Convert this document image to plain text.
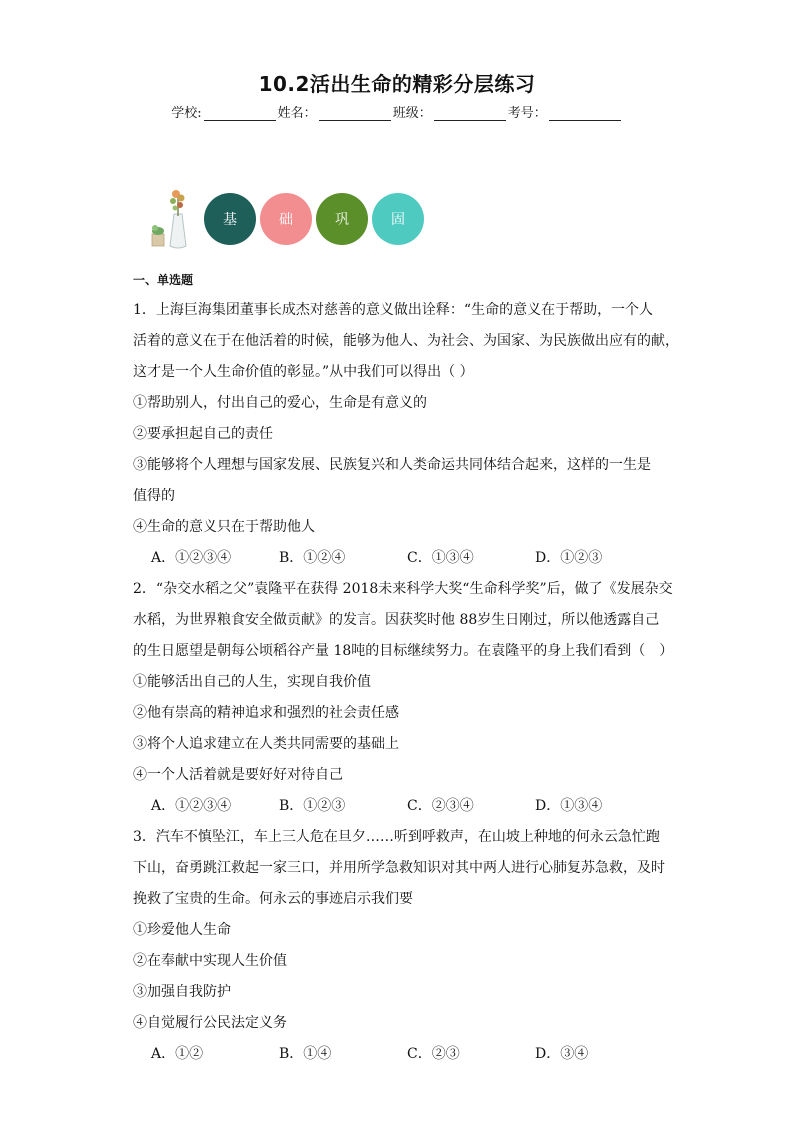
10.2活出生命的精彩分层练习
学校:	姓名：	班级：	考号：
基	础	巩	固
一、单选题
1．上海巨海集团董事长成杰对慈善的意义做出诠释：“生命的意义在于帮助，一个人
活着的意义在于在他活着的时候，能够为他人、为社会、为国家、为民族做出应有的献，
这才是一个人生命价值的彰显。”从中我们可以得出（ ）
①帮助别人，付出自己的爱心，生命是有意义的
②要承担起自己的责任
③能够将个人理想与国家发展、民族复兴和人类命运共同体结合起来，这样的一生是
值得的
④生命的意义只在于帮助他人
A．①②③④	B．①②④	C．①③④	D．①②③
2．“杂交水稻之父”袁隆平在获得 2018未来科学大奖“生命科学奖”后，做了《发展杂交
水稻，为世界粮食安全做贡献》的发言。因获奖时他 88岁生日刚过，所以他透露自己
的生日愿望是朝每公顷稻谷产量 18吨的目标继续努力。在袁隆平的身上我们看到（　）
①能够活出自己的人生，实现自我价值
②他有崇高的精神追求和强烈的社会责任感
③将个人追求建立在人类共同需要的基础上
④一个人活着就是要好好对待自己
A．①②③④	B．①②③	C．②③④	D．①③④
3．汽车不慎坠江，车上三人危在旦夕……听到呼救声，在山坡上种地的何永云急忙跑
下山，奋勇跳江救起一家三口，并用所学急救知识对其中两人进行心肺复苏急救，及时
挽救了宝贵的生命。何永云的事迹启示我们要
①珍爱他人生命
②在奉献中实现人生价值
③加强自我防护
④自觉履行公民法定义务
A．①②	B．①④	C．②③	D．③④
